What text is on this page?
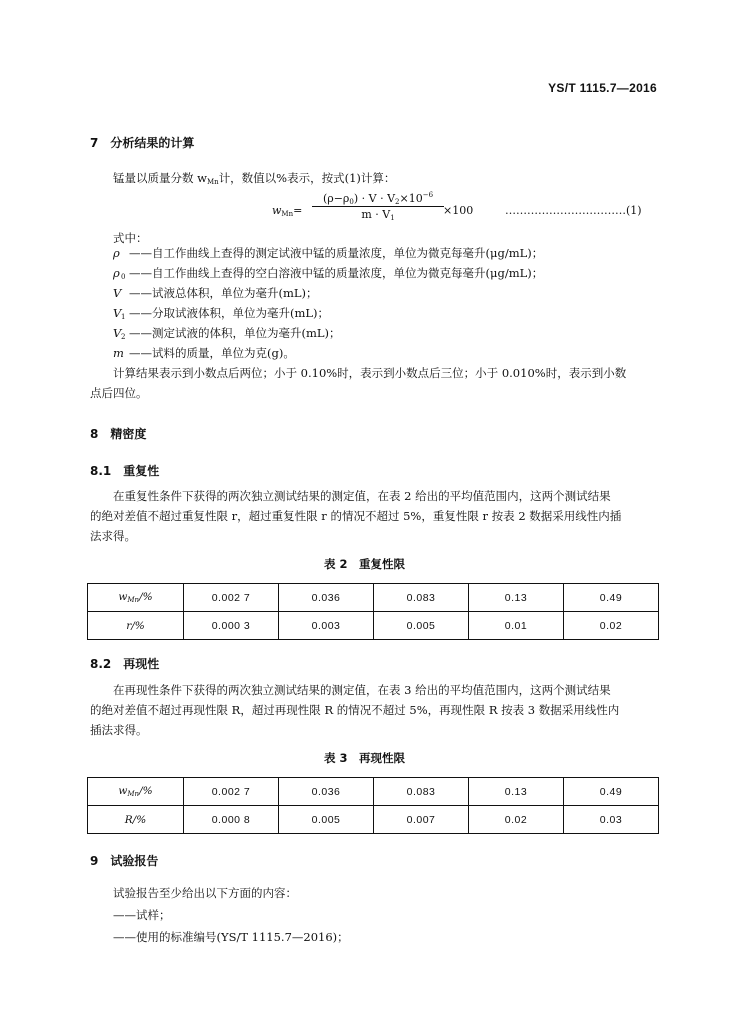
YS/T 1115.7—2016
7　分析结果的计算
锰量以质量分数 $w_{Mn}$计，数值以%表示，按式(1)计算：
$w_{Mn}=$
$(\rho-\rho_0) \cdot V \cdot V_2\times 10^{-6}$
$m \cdot V_1$
×100	……………………………(1)
式中：
ρ ——自工作曲线上查得的测定试液中锰的质量浓度，单位为微克每毫升(μg/mL)；
ρ0 ——自工作曲线上查得的空白溶液中锰的质量浓度，单位为微克每毫升(μg/mL)；
V ——试液总体积，单位为毫升(mL)；
V1 ——分取试液体积，单位为毫升(mL)；
V2 ——测定试液的体积，单位为毫升(mL)；
m ——试料的质量，单位为克(g)。
计算结果表示到小数点后两位；小于 0.10%时，表示到小数点后三位；小于 0.010%时，表示到小数
点后四位。
8　精密度
8.1　重复性
在重复性条件下获得的两次独立测试结果的测定值，在表 2 给出的平均值范围内，这两个测试结果
的绝对差值不超过重复性限 r，超过重复性限 r 的情况不超过 5%，重复性限 r 按表 2 数据采用线性内插
法求得。
表 2　重复性限
$w_{Mn}/\%$	0.002 7	0.036	0.083	0.13	0.49
r/%	0.000 3	0.003	0.005	0.01	0.02
8.2　再现性
在再现性条件下获得的两次独立测试结果的测定值，在表 3 给出的平均值范围内，这两个测试结果
的绝对差值不超过再现性限 R，超过再现性限 R 的情况不超过 5%，再现性限 R 按表 3 数据采用线性内
插法求得。
表 3　再现性限
$w_{Mn}/\%$	0.002 7	0.036	0.083	0.13	0.49
R/%	0.000 8	0.005	0.007	0.02	0.03
9　试验报告
试验报告至少给出以下方面的内容：
——试样；
——使用的标准编号(YS/T 1115.7—2016)；
